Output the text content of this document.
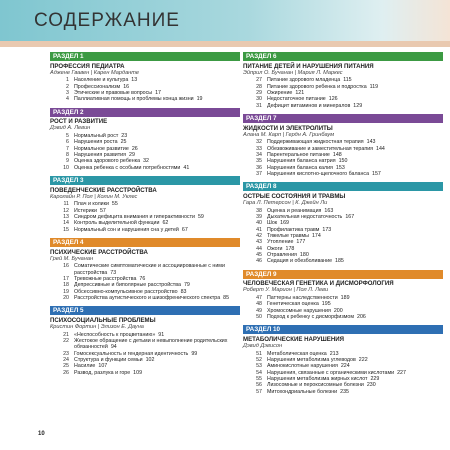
СОДЕРЖАНИЕ
РАЗДЕЛ 1
ПРОФЕССИЯ ПЕДИАТРА
Аджене Гвавен | Карен Марданте
1 Население и культура 13
2 Профессионализм 16
3 Этические и правовые вопросы 17
4 Паллиативная помощь и проблемы конца жизни 19
РАЗДЕЛ 2
РОСТ И РАЗВИТИЕ
Дэвид А. Левин
5 Нормальный рост 23
6 Нарушения роста 25
7 Нормальное развитие 26
8 Нарушения развития 29
9 Оценка здорового ребенка 32
10 Оценка ребенка с особыми потребностями 41
РАЗДЕЛ 3
ПОВЕДЕНЧЕСКИЕ РАССТРОЙСТВА
Каролайн Р. Пол | Колин М. Уклес
11 Плач и колики 55
12 Истерики 57
13 Синдром дефицита внимания и гиперактивности 59
14 Контроль выделительной функции 62
15 Нормальный сон и нарушения сна у детей 67
РАЗДЕЛ 4
ПСИХИЧЕСКИЕ РАССТРОЙСТВА
Грей М. Бучанан
16 Соматические симптоматические и ассоциированные с ними расстройства 73
17 Тревожные расстройства 76
18 Депрессивные и биполярные расстройства 79
19 Обсессивно-компульсивное расстройство 83
20 Расстройства аутистического и шизофренического спектра 85
РАЗДЕЛ 5
ПСИХОСОЦИАЛЬНЫЕ ПРОБЛЕМЫ
Кристин Фортин | Элизон Е. Дауна
21 «Неспособность к процветанию» 91
22 Жестокое обращение с детьми и невыполнение родительских обязанностей 94
23 Гомосексуальность и гендерная идентичность 99
24 Структура и функции семьи 102
25 Насилие 107
26 Развод, разлука и горе 109
РАЗДЕЛ 6
ПИТАНИЕ ДЕТЕЙ И НАРУШЕНИЯ ПИТАНИЯ
Эйприл О. Бучанан | Мария Л. Маркес
27 Питание здорового младенца 115
28 Питание здорового ребенка и подростка 119
29 Ожирение 121
30 Недостаточное питание 126
31 Дефицит витаминов и минералов 129
РАЗДЕЛ 7
ЖИДКОСТИ И ЭЛЕКТРОЛИТЫ
Алана М. Карп | Гердн А. Гринбаум
32 Поддерживающая жидкостная терапия 143
33 Обезвоживание и заместительная терапия 144
34 Парентеральное питание 148
35 Нарушения баланса натрия 150
36 Нарушения баланса калия 153
37 Нарушения кислотно-щелочного баланса 157
РАЗДЕЛ 8
ОСТРЫЕ СОСТОЯНИЯ И ТРАВМЫ
Гара Л. Петерсон | К. Джейн Ли
38 Оценка и реанимация 163
39 Дыхательная недостаточность 167
40 Шок 169
41 Профилактика травм 173
42 Тяжелые травмы 174
43 Утопление 177
44 Ожоги 178
45 Отравления 180
46 Седация и обезболивание 185
РАЗДЕЛ 9
ЧЕЛОВЕЧЕСКАЯ ГЕНЕТИКА И ДИСМОРФОЛОГИЯ
Роберт У. Марион | Пол Л. Леви
47 Паттерны наследственности 189
48 Генетическая оценка 195
49 Хромосомные нарушения 200
50 Подход к ребенку с дисморфизмом 206
РАЗДЕЛ 10
МЕТАБОЛИЧЕСКИЕ НАРУШЕНИЯ
Дэвид Дэвисон
51 Метаболическая оценка 213
52 Нарушения метаболизма углеводов 222
53 Аминокислотные нарушения 224
54 Нарушения, связанные с органическими кислотами 227
55 Нарушения метаболизма жирных кислот 229
56 Лизосомные и пероксисомные болезни 230
57 Митохондриальные болезни 235
10
